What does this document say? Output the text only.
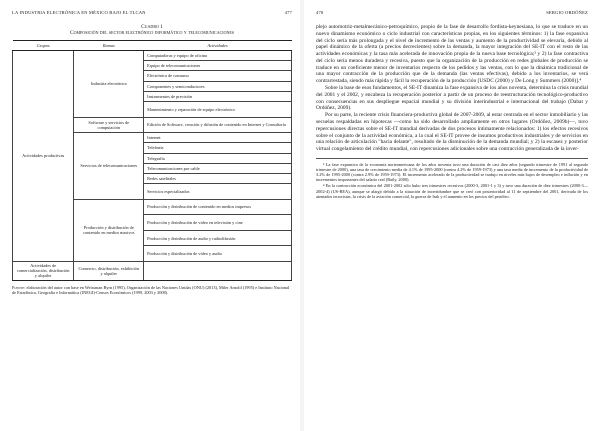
LA INDUSTRIA ELECTRÓNICA EN MÉXICO BAJO EL TLCAN	477
Cuadro 1
Composición del sector electrónico informático y telecomunicaciones
Grupos	Ramas	Actividades
Actividades productivas	Industria electrónica	Computadoras y equipo de oficina
		Equipo de telecomunicaciones
		Electrónica de consumo
		Componentes y semiconductores
		Instrumentos de precisión
		Mantenimiento y reparación de equipo electrónico
	Software y servicios de computación	Edición de Software, creación y difusión de contenido en Internet y Consultoría
	Servicios de telecomunicaciones	Internet
		Telefonía
		Telegrafía
		Telecomunicaciones por cable
		Redes satelitales
		Servicios especializados
	Producción y distribución de contenido en medios masivos	Producción y distribución de contenido en medios impresos
		Producción y distribución de video en televisión y cine
		Producción y distribución de audio y radiodifusión
		Producción y distribución de video y audio
Actividades de comercialización, distribución y alquiler	Comercio, distribución, exhibición y alquiler	
Fuente: elaboración del autor con base en Weissman Byrn (1995), Organización de las Naciones Unidas (ONU) (2013), Miler Arnold (1995) e Instituto Nacional de Estadística, Geografía e Informática (INEGI)-Censos Económicos (1999, 2003 y 2008).
478	SERGIO ORDÓÑEZ

plejo automotriz-metalmecánico-petroquímico, propio de la fase de desarrollo fordista-keynesiana, lo que se traduce en un nuevo dinamismo económico o ciclo industrial con características propias, en los siguientes términos: 1) la fase expansiva del ciclo sería más prolongada y el nivel de incremento de las ventas y aumento de la productividad se elevaría, debido al papel dinámico de la oferta (a precios decrecientes) sobre la demanda, la mayor integración del SE-IT con el resto de las actividades económicas y la tasa más acelerada de innovación propia de la nueva base tecnológica;³ y 2) la fase contractiva del ciclo sería menos duradera y recesiva, puesto que la organización de la producción en redes globales de producción se traduce en un coeficiente menor de inventarios respecto de los pedidos y las ventas, con lo que la dinámica tradicional de una mayor contracción de la producción que de la demanda (las ventas efectivas), debido a los inventarios, se verá contrarrestada, siendo más rápida y fácil la recuperación de la producción [USDC (2000) y De Long y Summers (2000)].⁴

Sobre la base de esos fundamentos, el SE-IT dinamiza la fase expansiva de los años noventa, determina la crisis mundial del 2001 y el 2002, y encabeza la recuperación posterior a partir de un proceso de reestructuración tecnológico-productivo con consecuencias en sus despliegue espacial mundial y su división interindustrial e internacional del trabajo (Dabat y Ordóñez, 2009).

Por su parte, la reciente crisis financiera-productiva global de 2007-2009, al estar centrada en el sector inmobiliario y las secuelas respaldadas en hipotecas —como ha sido desarrollado ampliamente en otros lugares (Ordóñez, 2009b)—, tuvo repercusiones directas sobre el SE-IT mundial derivadas de dos procesos íntimamente relacionados: 1) los efectos recesivos sobre el conjunto de la actividad económica, a la cual el SE-IT provee de insumos productivos industriales y de servicios en una relación de articulación "hacia delante", resultado de la disminución de la demanda mundial; y 2) la escasez y posterior virtual congelamiento del crédito mundial, con repercusiones adicionales sobre una contracción generalizada de la inver-

³ La fase expansiva de la economía norteamericana de los años noventa tuvo una duración de casi diez años (segundo trimestre de 1991 al segundo trimestre de 2000), una tasa de crecimiento media de 4.1% de 1995-2000 (contra 4.2% de 1959-1973) y una tasa media de incremento de la productividad de 3.2% de 1995-2000 (contra 2.9% de 1959-1973). El incremento acelerado de la productividad se tradujo en niveles más bajos de desempleo e inflación y en incrementos importantes del salario real (Baily, 2000).

⁴ En la contracción económica del 2001-2002 sólo hubo tres trimestres recesivos (2000-3, 2001-1 y 3) y tuvo una duración de diez trimestres (2000-3—2002-4) (US-BEA), aunque se alargó debido a la situación de incertidumbre que se creó con posterioridad al 11 de septiembre del 2001, derivada de los atentados terroristas, la crisis de la aviación comercial, la guerra de Irak y el aumento en los precios del petróleo.
